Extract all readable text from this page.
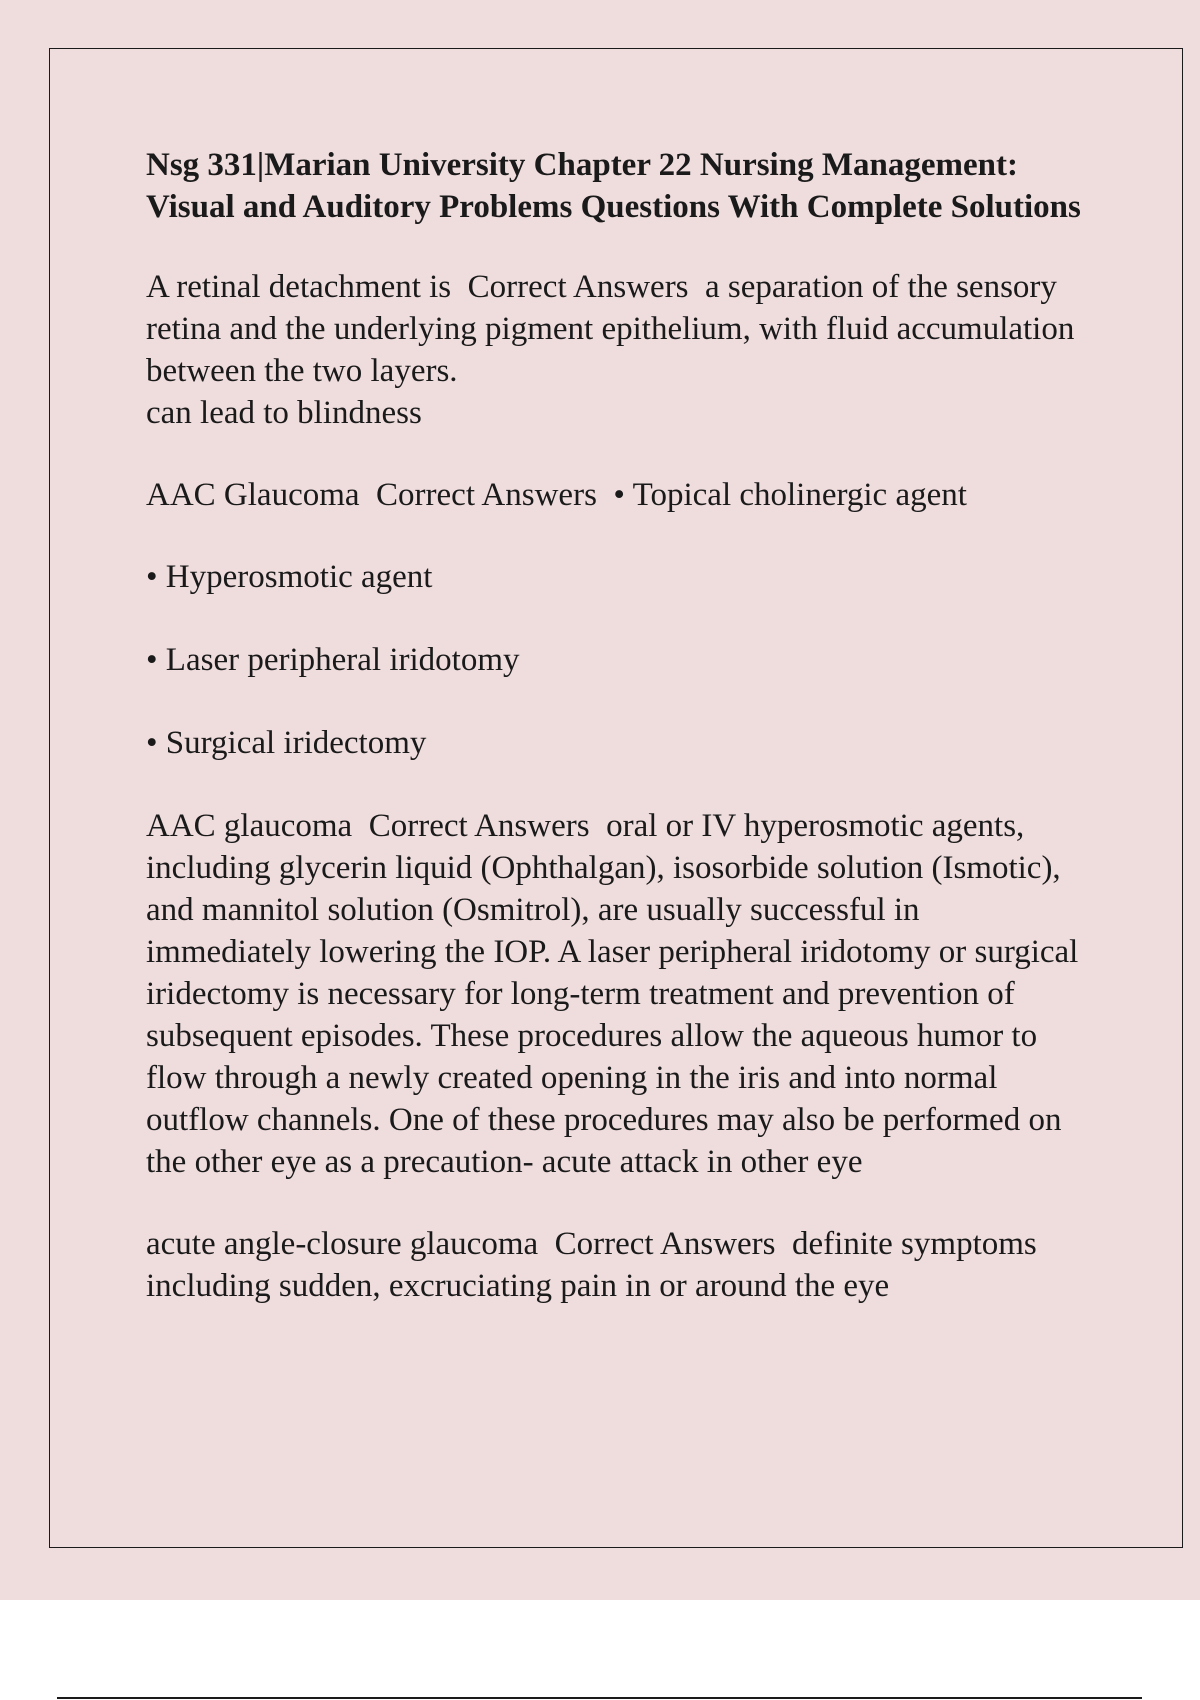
Nsg 331|Marian University Chapter 22 Nursing Management: Visual and Auditory Problems Questions With Complete Solutions

A retinal detachment is Correct Answers a separation of the sensory retina and the underlying pigment epithelium, with fluid accumulation between the two layers.
can lead to blindness

AAC Glaucoma Correct Answers • Topical cholinergic agent

• Hyperosmotic agent

• Laser peripheral iridotomy

• Surgical iridectomy

AAC glaucoma Correct Answers oral or IV hyperosmotic agents, including glycerin liquid (Ophthalgan), isosorbide solution (Ismotic), and mannitol solution (Osmitrol), are usually successful in immediately lowering the IOP. A laser peripheral iridotomy or surgical iridectomy is necessary for long-term treatment and prevention of subsequent episodes. These procedures allow the aqueous humor to flow through a newly created opening in the iris and into normal outflow channels. One of these procedures may also be performed on the other eye as a precaution- acute attack in other eye

acute angle-closure glaucoma Correct Answers definite symptoms including sudden, excruciating pain in or around the eye
